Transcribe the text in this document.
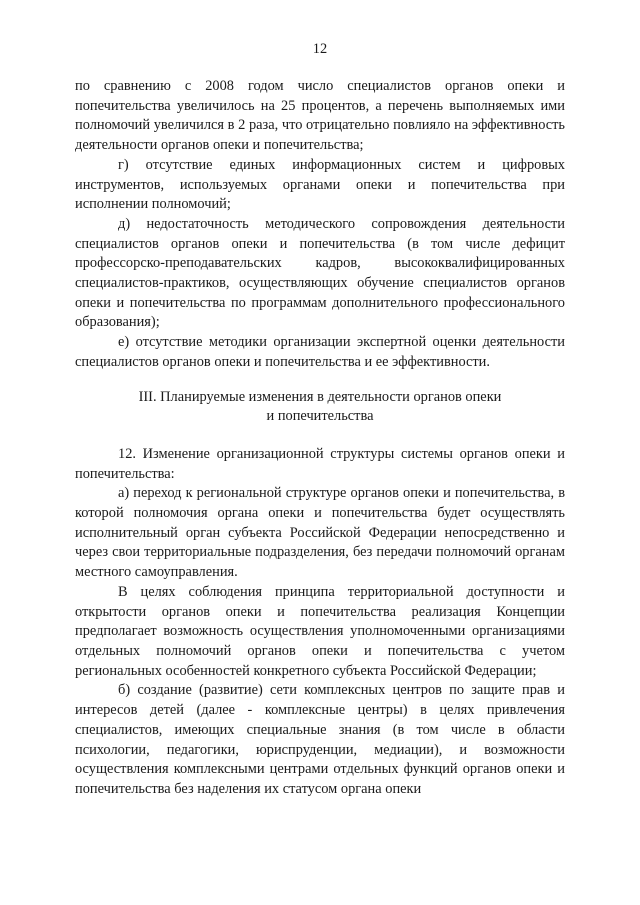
12

по сравнению с 2008 годом число специалистов органов опеки и попечительства увеличилось на 25 процентов, а перечень выполняемых ими полномочий увеличился в 2 раза, что отрицательно повлияло на эффективность деятельности органов опеки и попечительства;

г) отсутствие единых информационных систем и цифровых инструментов, используемых органами опеки и попечительства при исполнении полномочий;

д) недостаточность методического сопровождения деятельности специалистов органов опеки и попечительства (в том числе дефицит профессорско-преподавательских кадров, высококвалифицированных специалистов-практиков, осуществляющих обучение специалистов органов опеки и попечительства по программам дополнительного профессионального образования);

е) отсутствие методики организации экспертной оценки деятельности специалистов органов опеки и попечительства и ее эффективности.

III. Планируемые изменения в деятельности органов опеки

и попечительства

12. Изменение организационной структуры системы органов опеки и попечительства:

а) переход к региональной структуре органов опеки и попечительства, в которой полномочия органа опеки и попечительства будет осуществлять исполнительный орган субъекта Российской Федерации непосредственно и через свои территориальные подразделения, без передачи полномочий органам местного самоуправления.

В целях соблюдения принципа территориальной доступности и открытости органов опеки и попечительства реализация Концепции предполагает возможность осуществления уполномоченными организациями отдельных полномочий органов опеки и попечительства с учетом региональных особенностей конкретного субъекта Российской Федерации;

б) создание (развитие) сети комплексных центров по защите прав и интересов детей (далее - комплексные центры) в целях привлечения специалистов, имеющих специальные знания (в том числе в области психологии, педагогики, юриспруденции, медиации), и возможности осуществления комплексными центрами отдельных функций органов опеки и попечительства без наделения их статусом органа опеки
